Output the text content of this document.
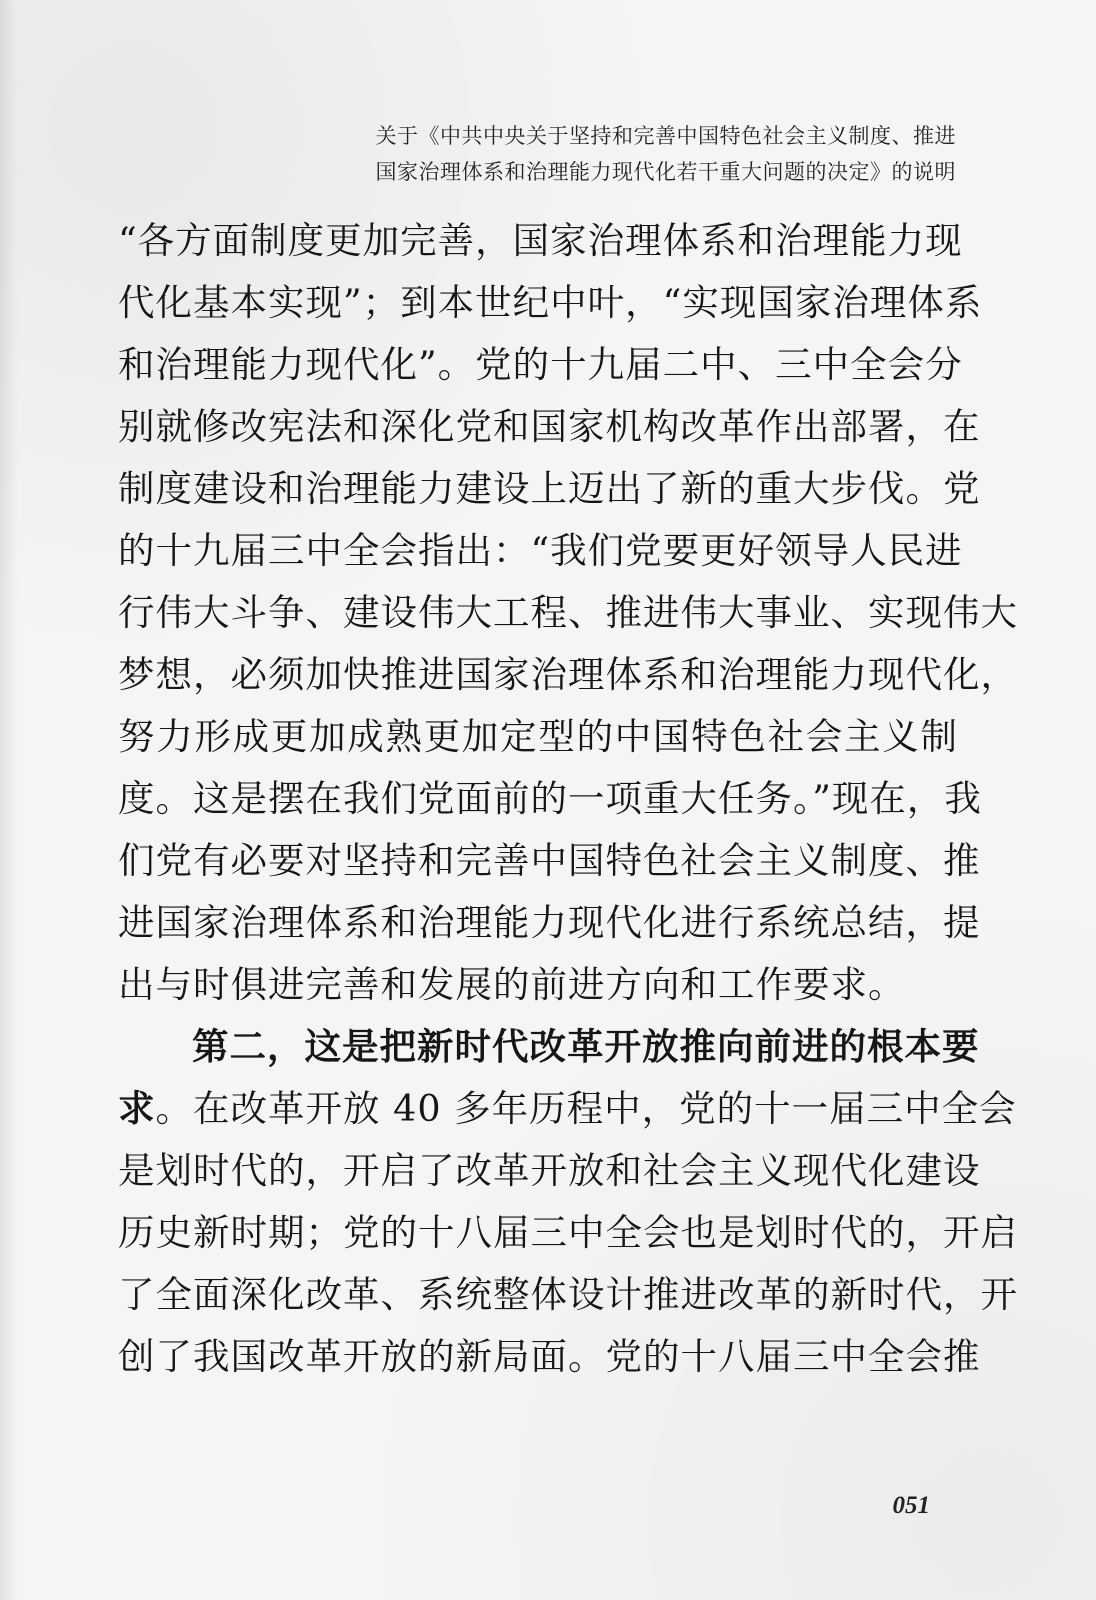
关于《中共中央关于坚持和完善中国特色社会主义制度、推进
国家治理体系和治理能力现代化若干重大问题的决定》的说明
“各方面制度更加完善，国家治理体系和治理能力现
代化基本实现”；到本世纪中叶，“实现国家治理体系
和治理能力现代化”。党的十九届二中、三中全会分
别就修改宪法和深化党和国家机构改革作出部署，在
制度建设和治理能力建设上迈出了新的重大步伐。党
的十九届三中全会指出：“我们党要更好领导人民进
行伟大斗争、建设伟大工程、推进伟大事业、实现伟大
梦想，必须加快推进国家治理体系和治理能力现代化，
努力形成更加成熟更加定型的中国特色社会主义制
度。这是摆在我们党面前的一项重大任务。”现在，我
们党有必要对坚持和完善中国特色社会主义制度、推
进国家治理体系和治理能力现代化进行系统总结，提
出与时俱进完善和发展的前进方向和工作要求。
第二，这是把新时代改革开放推向前进的根本要
求。在改革开放 40 多年历程中，党的十一届三中全会
是划时代的，开启了改革开放和社会主义现代化建设
历史新时期；党的十八届三中全会也是划时代的，开启
了全面深化改革、系统整体设计推进改革的新时代，开
创了我国改革开放的新局面。党的十八届三中全会推
051
